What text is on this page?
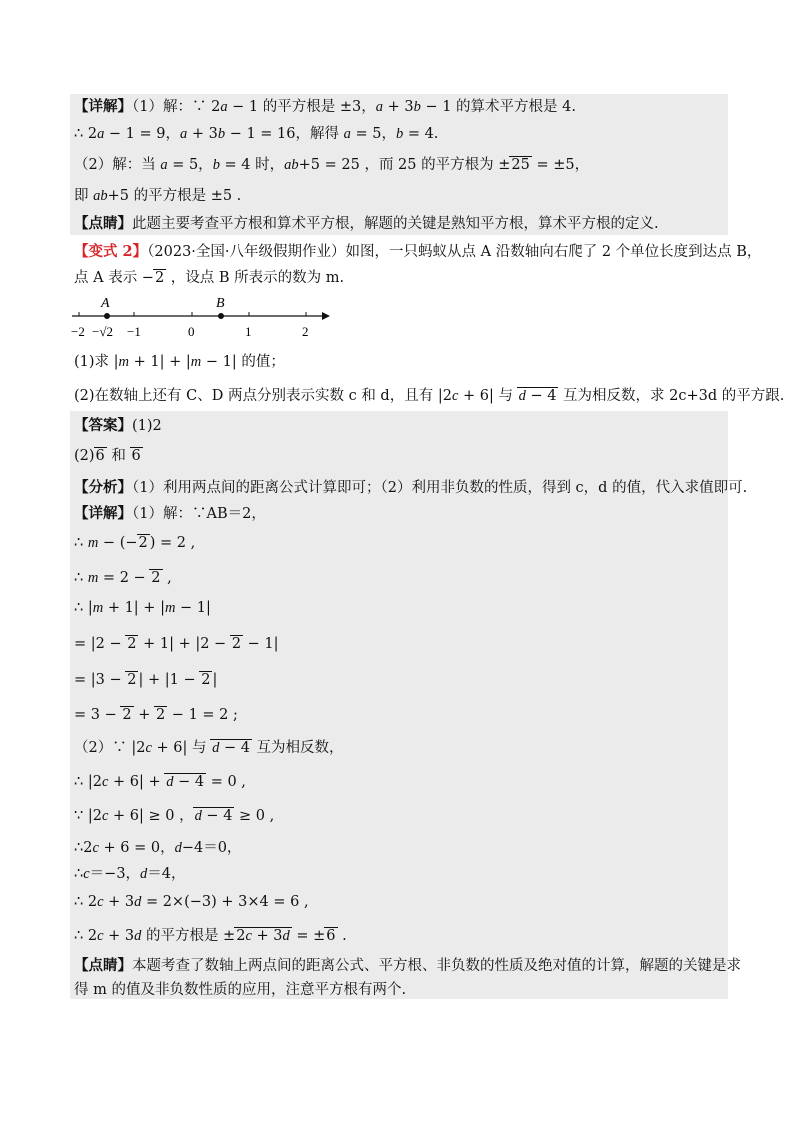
【详解】（1）解：∵ 2a − 1 的平方根是 ±3，a + 3b − 1 的算术平方根是 4.
∴ 2a − 1 = 9，a + 3b − 1 = 16，解得 a = 5，b = 4.
（2）解：当 a = 5，b = 4 时，ab+5 = 25 ，而 25 的平方根为 ±25 = ±5，
即 ab+5 的平方根是 ±5 .
【点睛】此题主要考查平方根和算术平方根，解题的关键是熟知平方根，算术平方根的定义.
【变式 2】（2023·全国·八年级假期作业）如图，一只蚂蚁从点 A 沿数轴向右爬了 2 个单位长度到达点 B，
点 A 表示 −2 ，设点 B 所表示的数为 m.
A	B
−2 −√2 −1	0	1	2
(1)求 |m + 1| + |m − 1| 的值；
(2)在数轴上还有 C、D 两点分别表示实数 c 和 d，且有 |2c + 6| 与 d − 4 互为相反数，求 2c+3d 的平方跟.
【答案】(1)2
(2)6 和 6
【分析】（1）利用两点间的距离公式计算即可；（2）利用非负数的性质，得到 c，d 的值，代入求值即可.
【详解】（1）解：∵AB＝2，
∴ m − (−2 ) = 2 ,
∴ m = 2 − 2 ,
∴ |m + 1| + |m − 1|
= |2 − 2 + 1| + |2 − 2 − 1|
= |3 − 2 | + |1 − 2 |
= 3 − 2 + 2 − 1 = 2 ;
（2）∵ |2c + 6| 与 d − 4 互为相反数，
∴ |2c + 6| + d − 4 = 0 ,
∵ |2c + 6| ≥ 0 ，d − 4 ≥ 0 ,
∴2c + 6 = 0，d−4＝0，
∴c＝−3，d＝4，
∴ 2c + 3d = 2×(−3) + 3×4 = 6 ,
∴ 2c + 3d 的平方根是 ±2c + 3d = ±6 .
【点睛】本题考查了数轴上两点间的距离公式、平方根、非负数的性质及绝对值的计算，解题的关键是求
得 m 的值及非负数性质的应用，注意平方根有两个.
